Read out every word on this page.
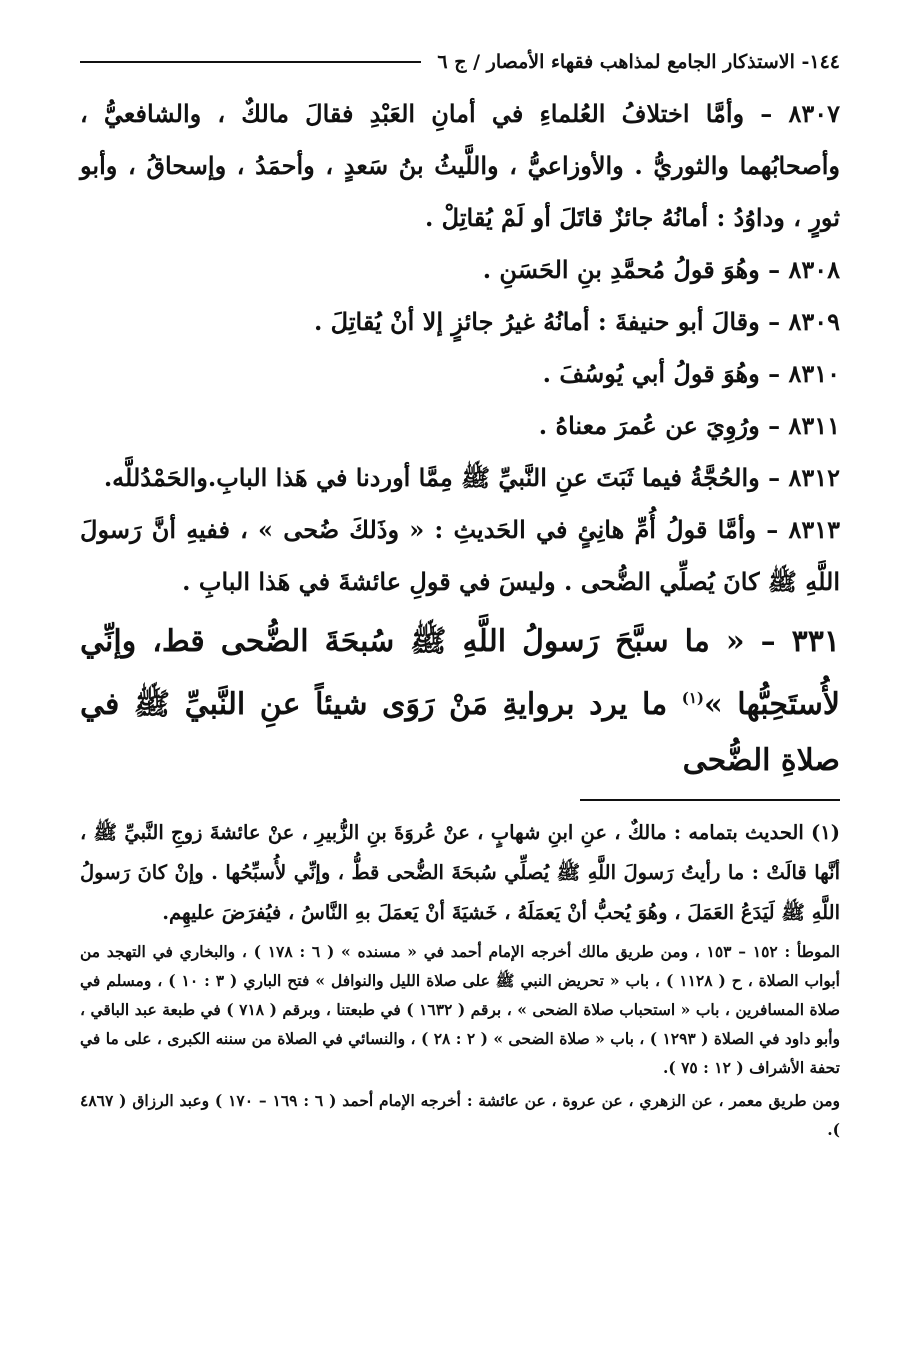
١٤٤- الاستذكار الجامع لمذاهب فقهاء الأمصار / ج ٦

٨٣٠٧ – وأمَّا اختلافُ العُلماءِ في أمانِ العَبْدِ فقالَ مالكٌ ، والشافعيُّ ، وأصحابُهما والثوريُّ . والأوزاعيُّ ، واللَّيثُ بنُ سَعدٍ ، وأحمَدُ ، وإسحاقُ ، وأبو ثورٍ ، وداوُدُ : أمانُهُ جائزٌ قاتَلَ أو لَمْ يُقاتِلْ .

٨٣٠٨ – وهُوَ قولُ مُحمَّدِ بنِ الحَسَنِ .

٨٣٠٩ – وقالَ أبو حنيفةَ : أمانُهُ غيرُ جائزٍ إلا أنْ يُقاتِلَ .

٨٣١٠ – وهُوَ قولُ أبي يُوسُفَ .

٨٣١١ – ورُوِيَ عن عُمرَ معناهُ .

٨٣١٢ – والحُجَّةُ فيما ثَبَتَ عنِ النَّبيِّ ﷺ مِمَّا أوردنا في هَذا البابِ.والحَمْدُللَّه.

٨٣١٣ – وأمَّا قولُ أُمِّ هانِئٍ في الحَديثِ : « وذَلكَ ضُحى » ، ففيهِ أنَّ رَسولَ اللَّهِ ﷺ كانَ يُصلِّي الضُّحى . وليسَ في قولِ عائشةَ في هَذا البابِ .

٣٣١ – « ما سبَّحَ رَسولُ اللَّهِ ﷺ سُبحَةَ الضُّحى قط، وإنِّي لأُستَحِبُّها »$^{(١)}$ ما يرد بروايةِ مَنْ رَوَى شيئاً عنِ النَّبيِّ ﷺ في صلاةِ الضُّحى

(١) الحديث بتمامه : مالكٌ ، عنِ ابنِ شهابٍ ، عنْ عُروَةَ بنِ الزُّبيرِ ، عنْ عائشةَ زوجِ النَّبيِّ ﷺ ، أنَّها قالَتْ : ما رأيتُ رَسولَ اللَّهِ ﷺ يُصلِّي سُبحَةَ الضُّحى قطُّ ، وإنِّي لأُسبِّحُها . وإنْ كانَ رَسولُ اللَّهِ ﷺ لَيَدَعُ العَمَلَ ، وهُوَ يُحبُّ أنْ يَعمَلَهُ ، خَشيَةَ أنْ يَعمَلَ بهِ النَّاسُ ، فيُفرَضَ عليهِم.

الموطأ : ١٥٢ – ١٥٣ ، ومن طريق مالك أخرجه الإمام أحمد في « مسنده » ( ٦ : ١٧٨ ) ، والبخاري في التهجد من أبواب الصلاة ، ح ( ١١٢٨ ) ، باب « تحريض النبي ﷺ على صلاة الليل والنوافل » فتح الباري ( ٣ : ١٠ ) ، ومسلم في صلاة المسافرين ، باب « استحباب صلاة الضحى » ، برقم ( ١٦٣٢ ) في طبعتنا ، وبرقم ( ٧١٨ ) في طبعة عبد الباقي ، وأبو داود في الصلاة ( ١٢٩٣ ) ، باب « صلاة الضحى » ( ٢ : ٢٨ ) ، والنسائي في الصلاة من سننه الكبرى ، على ما في تحفة الأشراف ( ١٢ : ٧٥ ).

ومن طريق معمر ، عن الزهري ، عن عروة ، عن عائشة : أخرجه الإمام أحمد ( ٦ : ١٦٩ – ١٧٠ ) وعبد الرزاق ( ٤٨٦٧ ).
